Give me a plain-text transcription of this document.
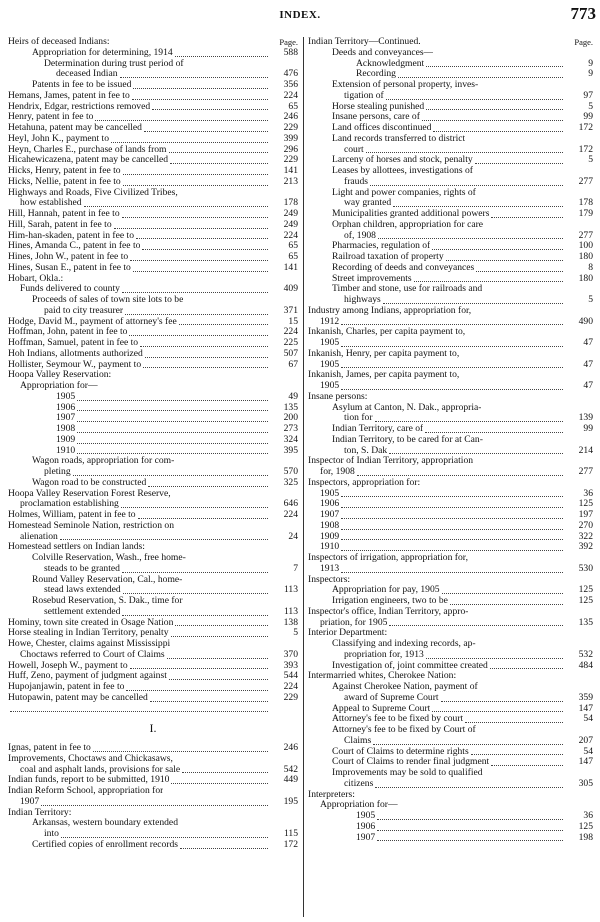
INDEX.	773
Heirs of deceased Indians:	Page.
Appropriation for determining, 1914	588
Determination during trust period of
deceased Indian	476
Patents in fee to be issued	356
Hemans, James, patent in fee to	224
Hendrix, Edgar, restrictions removed	65
Henry, patent in fee to	246
Hetahuna, patent may be cancelled	229
Heyl, John K., payment to	399
Heyn, Charles E., purchase of lands from	296
Hicahewicazena, patent may be cancelled	229
Hicks, Henry, patent in fee to	141
Hicks, Nellie, patent in fee to	213
Highways and Roads, Five Civilized Tribes,
how established	178
Hill, Hannah, patent in fee to	249
Hill, Sarah, patent in fee to	249
Him-han-skaden, patent in fee to	224
Hines, Amanda C., patent in fee to	65
Hines, John W., patent in fee to	65
Hines, Susan E., patent in fee to	141
Hobart, Okla.:
Funds delivered to county	409
Proceeds of sales of town site lots to be
paid to city treasurer	371
Hodge, David M., payment of attorney's fee	15
Hoffman, John, patent in fee to	224
Hoffman, Samuel, patent in fee to	225
Hoh Indians, allotments authorized	507
Hollister, Seymour W., payment to	67
Hoopa Valley Reservation:
Appropriation for—
1905	49
1906	135
1907	200
1908	273
1909	324
1910	395
Wagon roads, appropriation for com-
pleting	570
Wagon road to be constructed	325
Hoopa Valley Reservation Forest Reserve,
proclamation establishing	646
Holmes, William, patent in fee to	224
Homestead Seminole Nation, restriction on
alienation	24
Homestead settlers on Indian lands:
Colville Reservation, Wash., free home-
steads to be granted	7
Round Valley Reservation, Cal., home-
stead laws extended	113
Rosebud Reservation, S. Dak., time for
settlement extended	113
Hominy, town site created in Osage Nation	138
Horse stealing in Indian Territory, penalty	5
Howe, Chester, claims against Mississippi
Choctaws referred to Court of Claims	370
Howell, Joseph W., payment to	393
Huff, Zeno, payment of judgment against	544
Hupojanjawin, patent in fee to	224
Hutopawin, patent may be cancelled	229
I.
Ignas, patent in fee to	246
Improvements, Choctaws and Chickasaws,
coal and asphalt lands, provisions for sale	542
Indian funds, report to be submitted, 1910	449
Indian Reform School, appropriation for
1907	195
Indian Territory:
Arkansas, western boundary extended
into	115
Certified copies of enrollment records	172
Indian Territory—Continued.	Page.
Deeds and conveyances—
Acknowledgment	9
Recording	9
Extension of personal property, inves-
tigation of	97
Horse stealing punished	5
Insane persons, care of	99
Land offices discontinued	172
Land records transferred to district
court	172
Larceny of horses and stock, penalty	5
Leases by allottees, investigations of
frauds	277
Light and power companies, rights of
way granted	178
Municipalities granted additional powers	179
Orphan children, appropriation for care
of, 1908	277
Pharmacies, regulation of	100
Railroad taxation of property	180
Recording of deeds and conveyances	8
Street improvements	180
Timber and stone, use for railroads and
highways	5
Industry among Indians, appropriation for,
1912	490
Inkanish, Charles, per capita payment to,
1905	47
Inkanish, Henry, per capita payment to,
1905	47
Inkanish, James, per capita payment to,
1905	47
Insane persons:
Asylum at Canton, N. Dak., appropria-
tion for	139
Indian Territory, care of	99
Indian Territory, to be cared for at Can-
ton, S. Dak	214
Inspector of Indian Territory, appropriation
for, 1908	277
Inspectors, appropriation for:
1905	36
1906	125
1907	197
1908	270
1909	322
1910	392
Inspectors of irrigation, appropriation for,
1913	530
Inspectors:
Appropriation for pay, 1905	125
Irrigation engineers, two to be	125
Inspector's office, Indian Territory, appro-
priation, for 1905	135
Interior Department:
Classifying and indexing records, ap-
propriation for, 1913	532
Investigation of, joint committee created	484
Intermarried whites, Cherokee Nation:
Against Cherokee Nation, payment of
award of Supreme Court	359
Appeal to Supreme Court	147
Attorney's fee to be fixed by court	54
Attorney's fee to be fixed by Court of
Claims	207
Court of Claims to determine rights	54
Court of Claims to render final judgment	147
Improvements may be sold to qualified
citizens	305
Interpreters:
Appropriation for—
1905	36
1906	125
1907	198
